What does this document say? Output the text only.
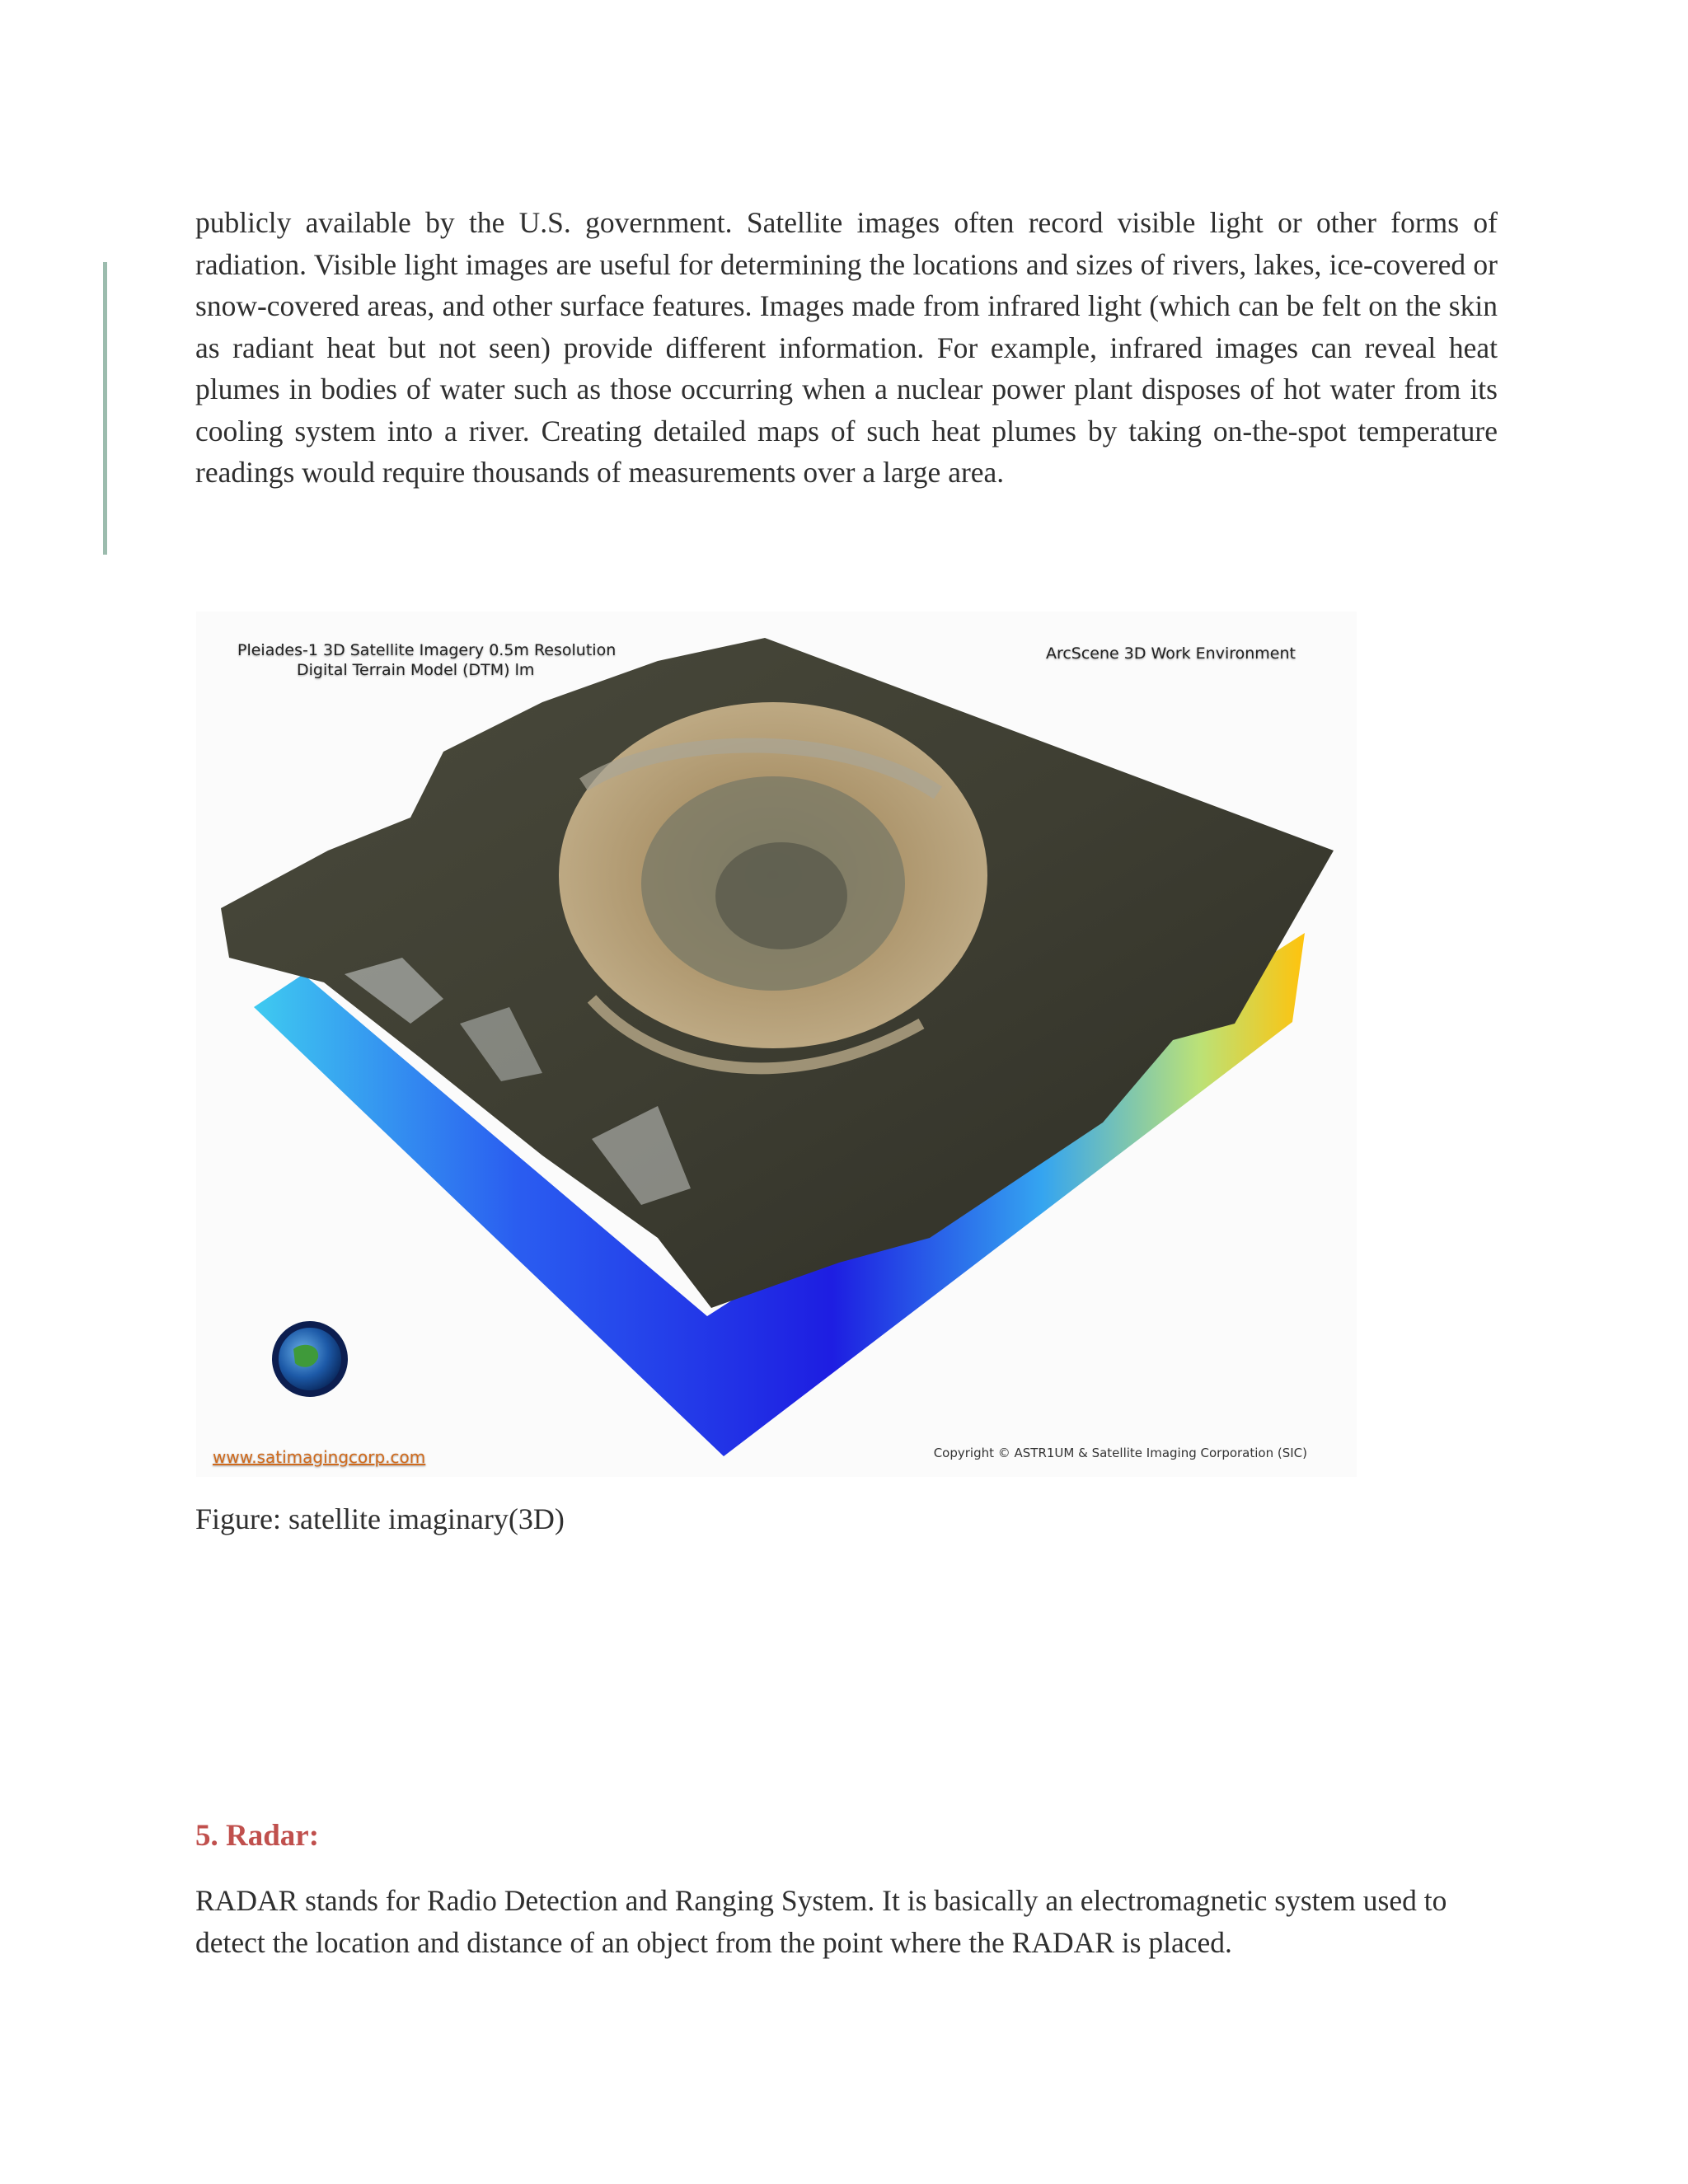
publicly available by the U.S. government. Satellite images often record visible light or other forms of radiation. Visible light images are useful for determining the locations and sizes of rivers, lakes, ice-covered or snow-covered areas, and other surface features. Images made from infrared light (which can be felt on the skin as radiant heat but not seen) provide different information. For example, infrared images can reveal heat plumes in bodies of water such as those occurring when a nuclear power plant disposes of hot water from its cooling system into a river. Creating detailed maps of such heat plumes by taking on-the-spot temperature readings would require thousands of measurements over a large area.

Pleiades-1 3D Satellite Imagery 0.5m Resolution
Digital Terrain Model (DTM) lm
ArcScene 3D Work Environment
www.satimagingcorp.com	Copyright © ASTR1UM & Satellite Imaging Corporation (SIC)

Figure: satellite imaginary(3D)

5. Radar:

RADAR stands for Radio Detection and Ranging System. It is basically an electromagnetic system used to detect the location and distance of an object from the point where the RADAR is placed.
